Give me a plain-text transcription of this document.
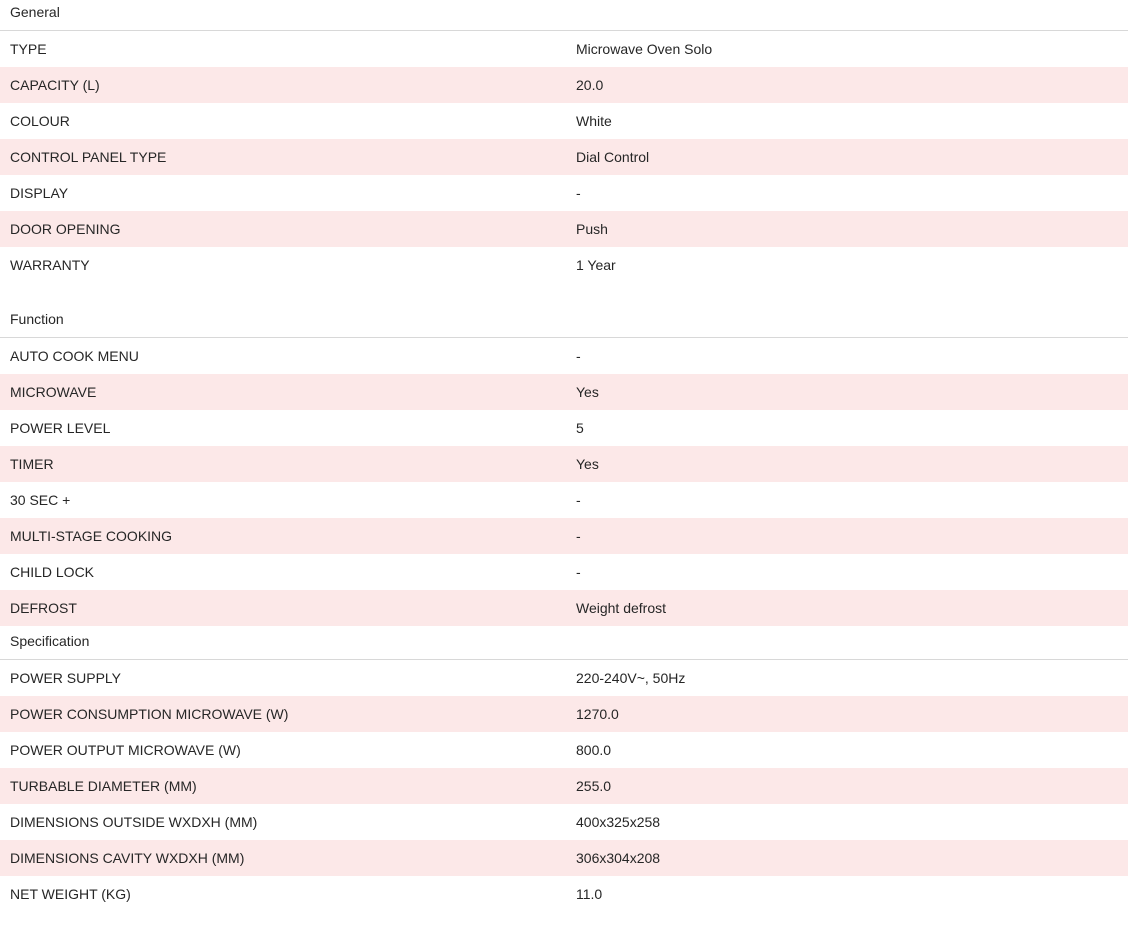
General
TYPE	Microwave Oven Solo
CAPACITY (L)	20.0
COLOUR	White
CONTROL PANEL TYPE	Dial Control
DISPLAY	-
DOOR OPENING	Push
WARRANTY	1 Year
Function
AUTO COOK MENU	-
MICROWAVE	Yes
POWER LEVEL	5
TIMER	Yes
30 SEC +	-
MULTI-STAGE COOKING	-
CHILD LOCK	-
DEFROST	Weight defrost
Specification
POWER SUPPLY	220-240V~, 50Hz
POWER CONSUMPTION MICROWAVE (W)	1270.0
POWER OUTPUT MICROWAVE (W)	800.0
TURBABLE DIAMETER (MM)	255.0
DIMENSIONS OUTSIDE WXDXH (MM)	400x325x258
DIMENSIONS CAVITY WXDXH (MM)	306x304x208
NET WEIGHT (KG)	11.0
